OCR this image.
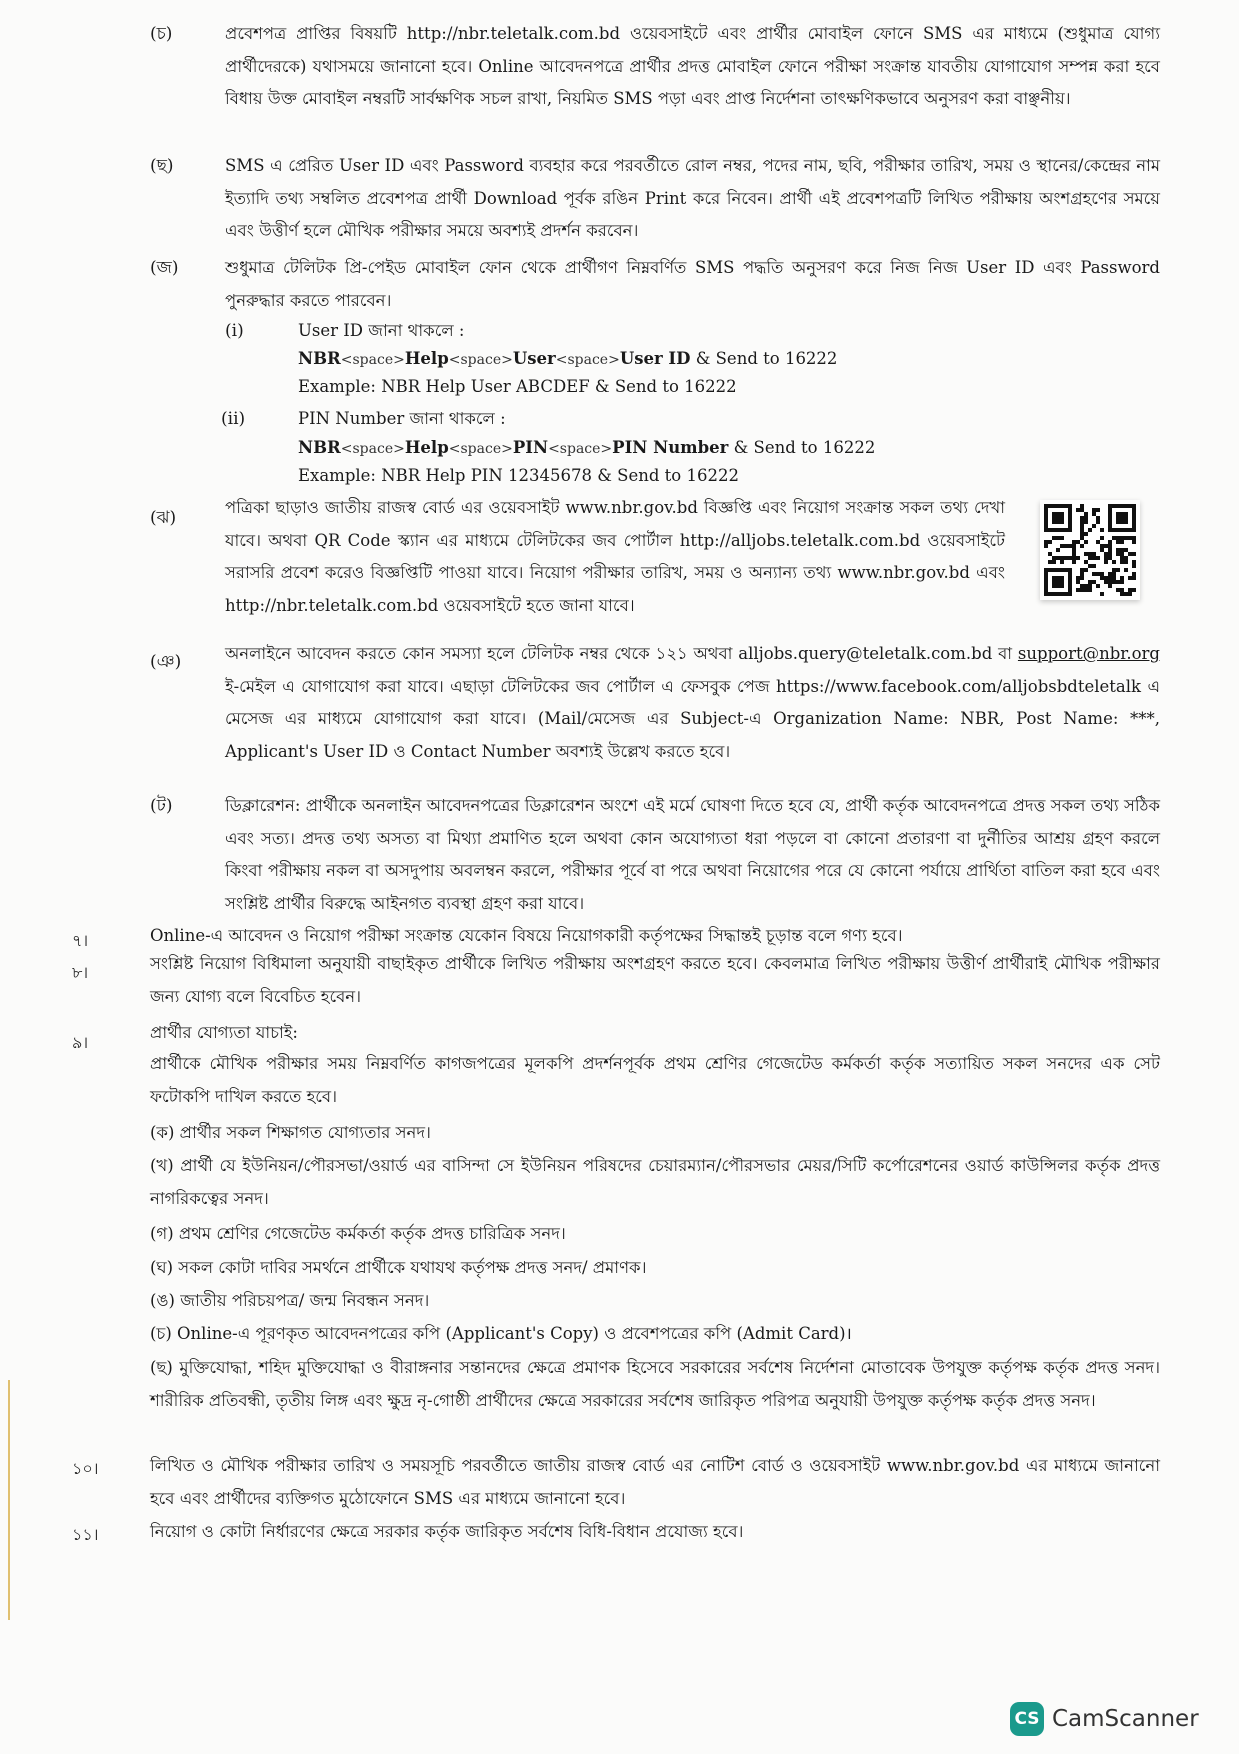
(চ)	প্রবেশপত্র প্রাপ্তির বিষয়টি http://nbr.teletalk.com.bd ওয়েবসাইটে এবং প্রার্থীর মোবাইল ফোনে SMS এর মাধ্যমে (শুধুমাত্র যোগ্য প্রার্থীদেরকে) যথাসময়ে জানানো হবে। Online আবেদনপত্রে প্রার্থীর প্রদত্ত মোবাইল ফোনে পরীক্ষা সংক্রান্ত যাবতীয় যোগাযোগ সম্পন্ন করা হবে বিধায় উক্ত মোবাইল নম্বরটি সার্বক্ষণিক সচল রাখা, নিয়মিত SMS পড়া এবং প্রাপ্ত নির্দেশনা তাৎক্ষণিকভাবে অনুসরণ করা বাঞ্ছনীয়।
(ছ)	SMS এ প্রেরিত User ID এবং Password ব্যবহার করে পরবর্তীতে রোল নম্বর, পদের নাম, ছবি, পরীক্ষার তারিখ, সময় ও স্থানের/কেন্দ্রের নাম ইত্যাদি তথ্য সম্বলিত প্রবেশপত্র প্রার্থী Download পূর্বক রঙিন Print করে নিবেন। প্রার্থী এই প্রবেশপত্রটি লিখিত পরীক্ষায় অংশগ্রহণের সময়ে এবং উত্তীর্ণ হলে মৌখিক পরীক্ষার সময়ে অবশ্যই প্রদর্শন করবেন।
(জ)	শুধুমাত্র টেলিটক প্রি-পেইড মোবাইল ফোন থেকে প্রার্থীগণ নিম্নবর্ণিত SMS পদ্ধতি অনুসরণ করে নিজ নিজ User ID এবং Password পুনরুদ্ধার করতে পারবেন।
(i)	User ID জানা থাকলে :
NBR<space>Help<space>User<space>User ID & Send to 16222
Example: NBR Help User ABCDEF & Send to 16222
(ii)	PIN Number জানা থাকলে :
NBR<space>Help<space>PIN<space>PIN Number & Send to 16222
Example: NBR Help PIN 12345678 & Send to 16222
(ঝ)
পত্রিকা ছাড়াও জাতীয় রাজস্ব বোর্ড এর ওয়েবসাইট www.nbr.gov.bd বিজ্ঞপ্তি এবং নিয়োগ সংক্রান্ত সকল তথ্য দেখা যাবে। অথবা QR Code স্ক্যান এর মাধ্যমে টেলিটকের জব পোর্টাল http://alljobs.teletalk.com.bd ওয়েবসাইটে সরাসরি প্রবেশ করেও বিজ্ঞপ্তিটি পাওয়া যাবে। নিয়োগ পরীক্ষার তারিখ, সময় ও অন্যান্য তথ্য www.nbr.gov.bd এবং http://nbr.teletalk.com.bd ওয়েবসাইটে হতে জানা যাবে।
(ঞ)	অনলাইনে আবেদন করতে কোন সমস্যা হলে টেলিটক নম্বর থেকে ১২১ অথবা alljobs.query@teletalk.com.bd বা support@nbr.org ই-মেইল এ যোগাযোগ করা যাবে। এছাড়া টেলিটকের জব পোর্টাল এ ফেসবুক পেজ https://www.facebook.com/alljobsbdteletalk এ মেসেজ এর মাধ্যমে যোগাযোগ করা যাবে। (Mail/মেসেজ এর Subject-এ Organization Name: NBR, Post Name: ***, Applicant's User ID ও Contact Number অবশ্যই উল্লেখ করতে হবে।
(ট)	ডিক্লারেশন: প্রার্থীকে অনলাইন আবেদনপত্রের ডিক্লারেশন অংশে এই মর্মে ঘোষণা দিতে হবে যে, প্রার্থী কর্তৃক আবেদনপত্রে প্রদত্ত সকল তথ্য সঠিক এবং সত্য। প্রদত্ত তথ্য অসত্য বা মিথ্যা প্রমাণিত হলে অথবা কোন অযোগ্যতা ধরা পড়লে বা কোনো প্রতারণা বা দুর্নীতির আশ্রয় গ্রহণ করলে কিংবা পরীক্ষায় নকল বা অসদুপায় অবলম্বন করলে, পরীক্ষার পূর্বে বা পরে অথবা নিয়োগের পরে যে কোনো পর্যায়ে প্রার্থিতা বাতিল করা হবে এবং সংশ্লিষ্ট প্রার্থীর বিরুদ্ধে আইনগত ব্যবস্থা গ্রহণ করা যাবে।
৭।	Online-এ আবেদন ও নিয়োগ পরীক্ষা সংক্রান্ত যেকোন বিষয়ে নিয়োগকারী কর্তৃপক্ষের সিদ্ধান্তই চূড়ান্ত বলে গণ্য হবে।
৮।	সংশ্লিষ্ট নিয়োগ বিধিমালা অনুযায়ী বাছাইকৃত প্রার্থীকে লিখিত পরীক্ষায় অংশগ্রহণ করতে হবে। কেবলমাত্র লিখিত পরীক্ষায় উত্তীর্ণ প্রার্থীরাই মৌখিক পরীক্ষার জন্য যোগ্য বলে বিবেচিত হবেন।
৯।
প্রার্থীর যোগ্যতা যাচাই:
প্রার্থীকে মৌখিক পরীক্ষার সময় নিম্নবর্ণিত কাগজপত্রের মূলকপি প্রদর্শনপূর্বক প্রথম শ্রেণির গেজেটেড কর্মকর্তা কর্তৃক সত্যায়িত সকল সনদের এক সেট ফটোকপি দাখিল করতে হবে।
(ক) প্রার্থীর সকল শিক্ষাগত যোগ্যতার সনদ।
(খ) প্রার্থী যে ইউনিয়ন/পৌরসভা/ওয়ার্ড এর বাসিন্দা সে ইউনিয়ন পরিষদের চেয়ারম্যান/পৌরসভার মেয়র/সিটি কর্পোরেশনের ওয়ার্ড কাউন্সিলর কর্তৃক প্রদত্ত নাগরিকত্বের সনদ।
(গ) প্রথম শ্রেণির গেজেটেড কর্মকর্তা কর্তৃক প্রদত্ত চারিত্রিক সনদ।
(ঘ) সকল কোটা দাবির সমর্থনে প্রার্থীকে যথাযথ কর্তৃপক্ষ প্রদত্ত সনদ/ প্রমাণক।
(ঙ) জাতীয় পরিচয়পত্র/ জন্ম নিবন্ধন সনদ।
(চ) Online-এ পূরণকৃত আবেদনপত্রের কপি (Applicant's Copy) ও প্রবেশপত্রের কপি (Admit Card)।
(ছ) মুক্তিযোদ্ধা, শহিদ মুক্তিযোদ্ধা ও বীরাঙ্গনার সন্তানদের ক্ষেত্রে প্রমাণক হিসেবে সরকারের সর্বশেষ নির্দেশনা মোতাবেক উপযুক্ত কর্তৃপক্ষ কর্তৃক প্রদত্ত সনদ। শারীরিক প্রতিবন্ধী, তৃতীয় লিঙ্গ এবং ক্ষুদ্র নৃ-গোষ্ঠী প্রার্থীদের ক্ষেত্রে সরকারের সর্বশেষ জারিকৃত পরিপত্র অনুযায়ী উপযুক্ত কর্তৃপক্ষ কর্তৃক প্রদত্ত সনদ।
১০।	লিখিত ও মৌখিক পরীক্ষার তারিখ ও সময়সূচি পরবর্তীতে জাতীয় রাজস্ব বোর্ড এর নোটিশ বোর্ড ও ওয়েবসাইট www.nbr.gov.bd এর মাধ্যমে জানানো হবে এবং প্রার্থীদের ব্যক্তিগত মুঠোফোনে SMS এর মাধ্যমে জানানো হবে।
১১।	নিয়োগ ও কোটা নির্ধারণের ক্ষেত্রে সরকার কর্তৃক জারিকৃত সর্বশেষ বিধি-বিধান প্রযোজ্য হবে।
CS CamScanner
